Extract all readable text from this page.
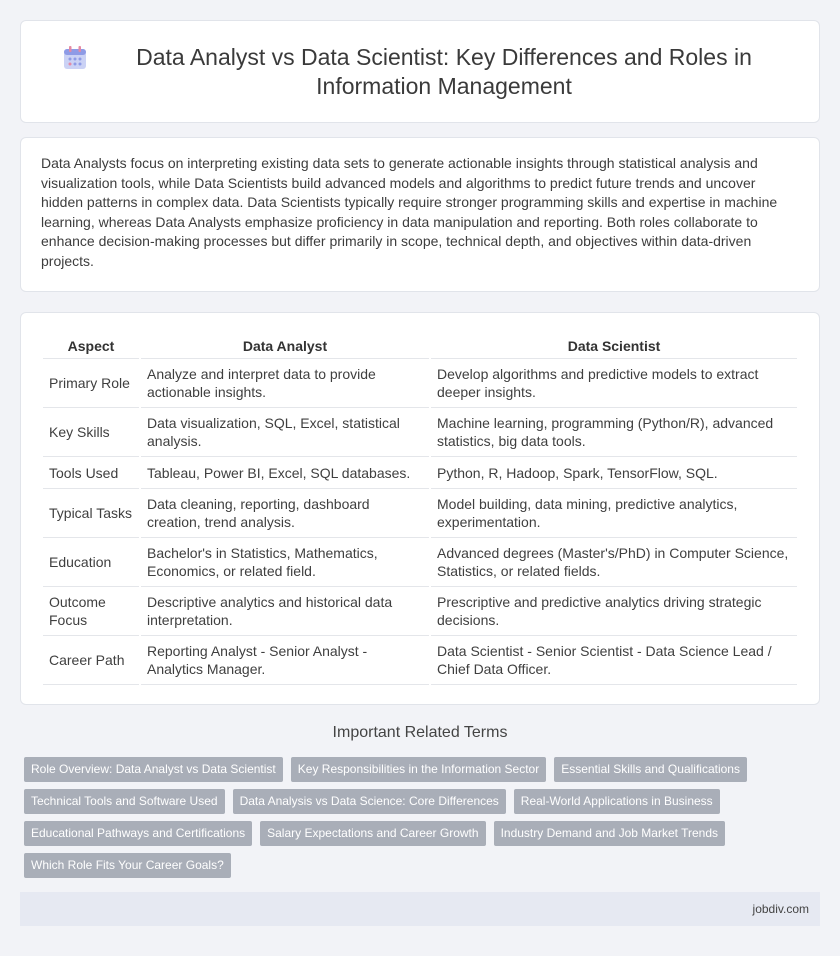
Data Analyst vs Data Scientist: Key Differences and Roles in Information Management

Data Analysts focus on interpreting existing data sets to generate actionable insights through statistical analysis and visualization tools, while Data Scientists build advanced models and algorithms to predict future trends and uncover hidden patterns in complex data. Data Scientists typically require stronger programming skills and expertise in machine learning, whereas Data Analysts emphasize proficiency in data manipulation and reporting. Both roles collaborate to enhance decision-making processes but differ primarily in scope, technical depth, and objectives within data-driven projects.

Aspect	Data Analyst	Data Scientist
Primary Role	Analyze and interpret data to provide actionable insights.	Develop algorithms and predictive models to extract deeper insights.
Key Skills	Data visualization, SQL, Excel, statistical analysis.	Machine learning, programming (Python/R), advanced statistics, big data tools.
Tools Used	Tableau, Power BI, Excel, SQL databases.	Python, R, Hadoop, Spark, TensorFlow, SQL.
Typical Tasks	Data cleaning, reporting, dashboard creation, trend analysis.	Model building, data mining, predictive analytics, experimentation.
Education	Bachelor's in Statistics, Mathematics, Economics, or related field.	Advanced degrees (Master's/PhD) in Computer Science, Statistics, or related fields.
Outcome Focus	Descriptive analytics and historical data interpretation.	Prescriptive and predictive analytics driving strategic decisions.
Career Path	Reporting Analyst - Senior Analyst - Analytics Manager.	Data Scientist - Senior Scientist - Data Science Lead / Chief Data Officer.
Important Related Terms
Role Overview: Data Analyst vs Data Scientist	Key Responsibilities in the Information Sector	Essential Skills and Qualifications
Technical Tools and Software Used	Data Analysis vs Data Science: Core Differences	Real-World Applications in Business
Educational Pathways and Certifications	Salary Expectations and Career Growth	Industry Demand and Job Market Trends
Which Role Fits Your Career Goals?
jobdiv.com
